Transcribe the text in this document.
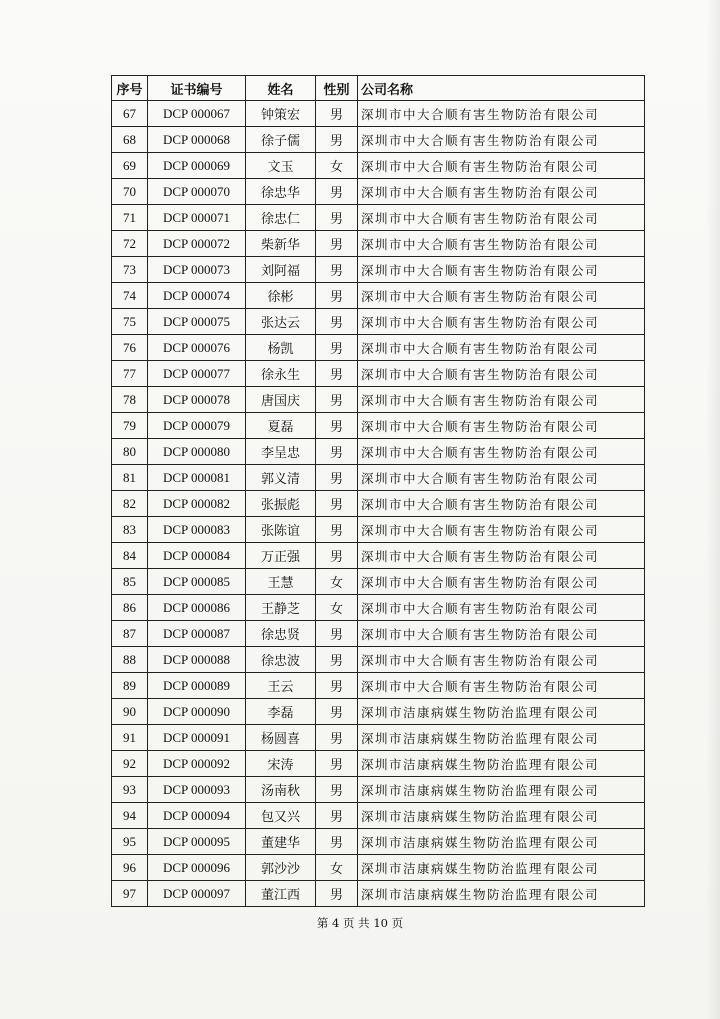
序号	证书编号	姓名	性别	公司名称
67	DCP 000067	钟策宏	男	深圳市中大合顺有害生物防治有限公司
68	DCP 000068	徐子儒	男	深圳市中大合顺有害生物防治有限公司
69	DCP 000069	文玉	女	深圳市中大合顺有害生物防治有限公司
70	DCP 000070	徐忠华	男	深圳市中大合顺有害生物防治有限公司
71	DCP 000071	徐忠仁	男	深圳市中大合顺有害生物防治有限公司
72	DCP 000072	柴新华	男	深圳市中大合顺有害生物防治有限公司
73	DCP 000073	刘阿福	男	深圳市中大合顺有害生物防治有限公司
74	DCP 000074	徐彬	男	深圳市中大合顺有害生物防治有限公司
75	DCP 000075	张达云	男	深圳市中大合顺有害生物防治有限公司
76	DCP 000076	杨凯	男	深圳市中大合顺有害生物防治有限公司
77	DCP 000077	徐永生	男	深圳市中大合顺有害生物防治有限公司
78	DCP 000078	唐国庆	男	深圳市中大合顺有害生物防治有限公司
79	DCP 000079	夏磊	男	深圳市中大合顺有害生物防治有限公司
80	DCP 000080	李呈忠	男	深圳市中大合顺有害生物防治有限公司
81	DCP 000081	郭义清	男	深圳市中大合顺有害生物防治有限公司
82	DCP 000082	张振彪	男	深圳市中大合顺有害生物防治有限公司
83	DCP 000083	张陈谊	男	深圳市中大合顺有害生物防治有限公司
84	DCP 000084	万正强	男	深圳市中大合顺有害生物防治有限公司
85	DCP 000085	王慧	女	深圳市中大合顺有害生物防治有限公司
86	DCP 000086	王静芝	女	深圳市中大合顺有害生物防治有限公司
87	DCP 000087	徐忠贤	男	深圳市中大合顺有害生物防治有限公司
88	DCP 000088	徐忠波	男	深圳市中大合顺有害生物防治有限公司
89	DCP 000089	王云	男	深圳市中大合顺有害生物防治有限公司
90	DCP 000090	李磊	男	深圳市洁康病媒生物防治监理有限公司
91	DCP 000091	杨圆喜	男	深圳市洁康病媒生物防治监理有限公司
92	DCP 000092	宋涛	男	深圳市洁康病媒生物防治监理有限公司
93	DCP 000093	汤南秋	男	深圳市洁康病媒生物防治监理有限公司
94	DCP 000094	包又兴	男	深圳市洁康病媒生物防治监理有限公司
95	DCP 000095	董建华	男	深圳市洁康病媒生物防治监理有限公司
96	DCP 000096	郭沙沙	女	深圳市洁康病媒生物防治监理有限公司
97	DCP 000097	董江西	男	深圳市洁康病媒生物防治监理有限公司
第 4 页 共 10 页
